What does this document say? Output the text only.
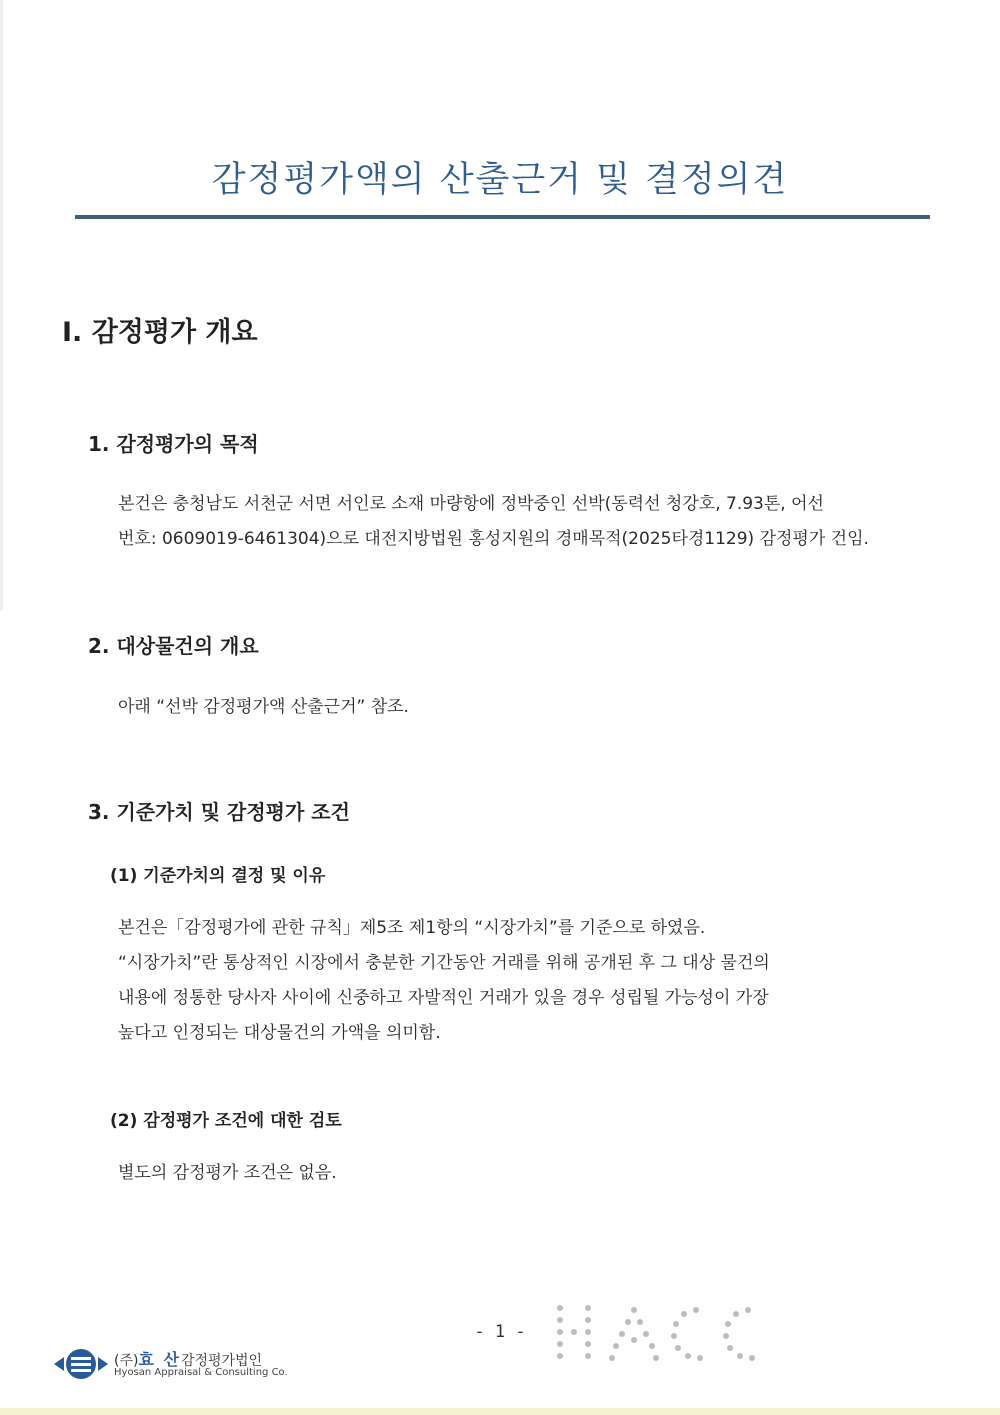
감정평가액의 산출근거 및 결정의견
Ⅰ. 감정평가 개요
1. 감정평가의 목적
본건은 충청남도 서천군 서면 서인로 소재 마량항에 정박중인 선박(동력선 청강호, 7.93톤, 어선
번호: 0609019-6461304)으로 대전지방법원 홍성지원의 경매목적(2025타경1129) 감정평가 건임.
2. 대상물건의 개요
아래 “선박 감정평가액 산출근거” 참조.
3. 기준가치 및 감정평가 조건
(1) 기준가치의 결정 및 이유
본건은「감정평가에 관한 규칙」제5조 제1항의 “시장가치”를 기준으로 하였음.
“시장가치”란 통상적인 시장에서 충분한 기간동안 거래를 위해 공개된 후 그 대상 물건의
내용에 정통한 당사자 사이에 신중하고 자발적인 거래가 있을 경우 성립될 가능성이 가장
높다고 인정되는 대상물건의 가액을 의미함.
(2) 감정평가 조건에 대한 검토
별도의 감정평가 조건은 없음.
- 1 -
(주)효 산감정평가법인
Hyosan Appraisal & Consulting Co.
